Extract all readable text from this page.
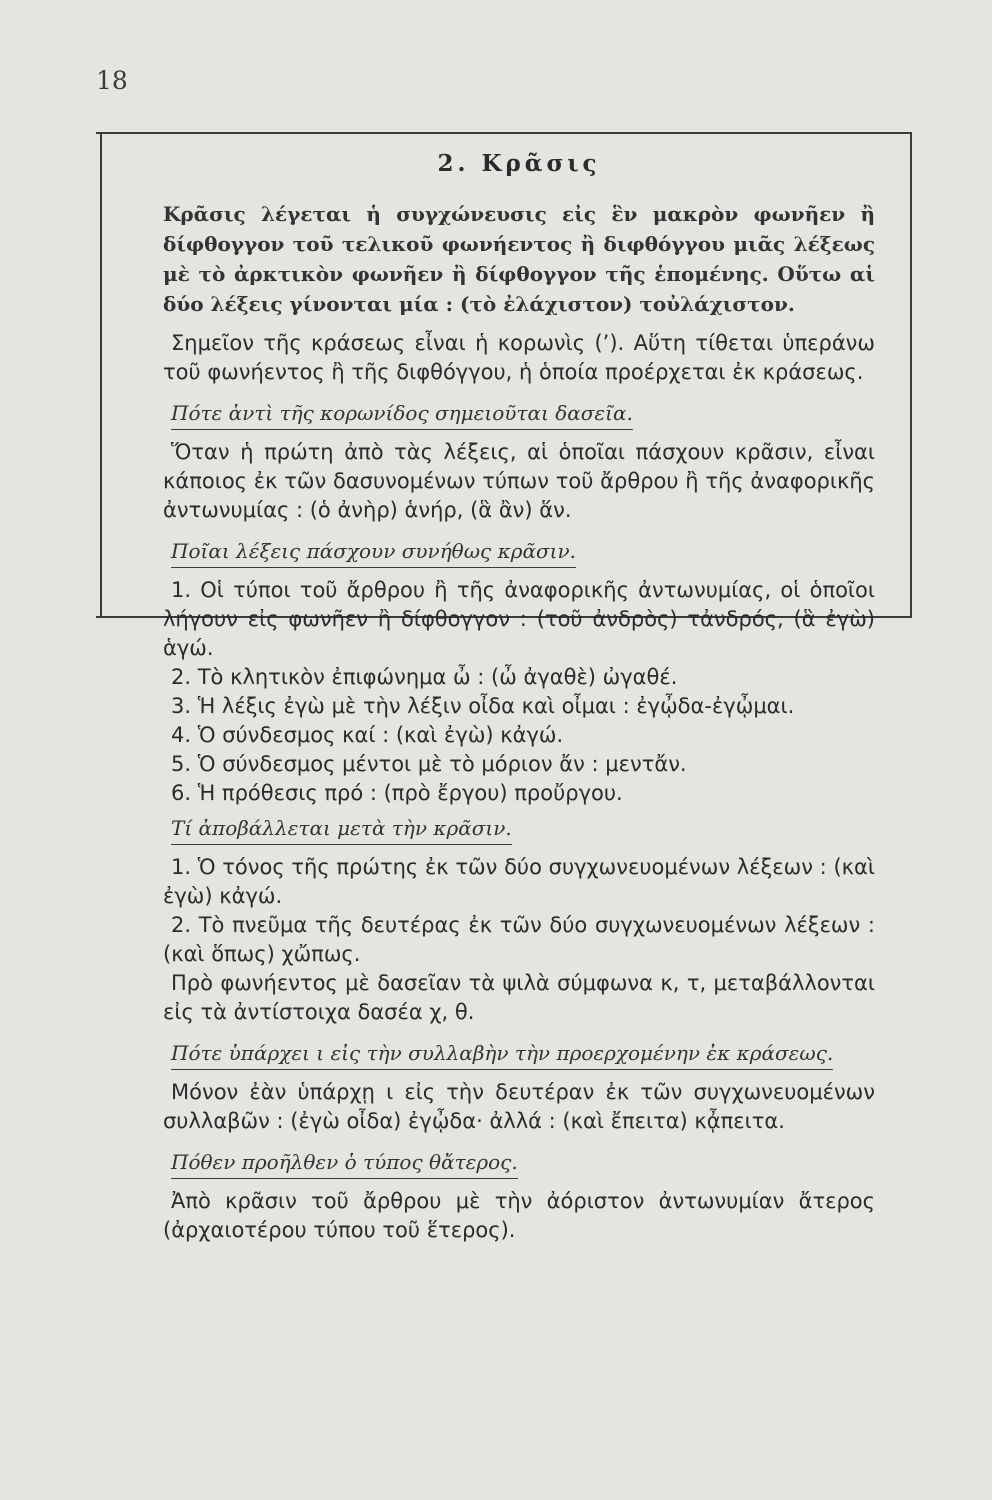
18
2. Κρᾶσις

Κρᾶσις λέγεται ἡ συγχώνευσις εἰς ἓν μακρὸν φωνῆεν ἢ δίφθογγον τοῦ τελικοῦ φωνήεντος ἢ διφθόγγου μιᾶς λέξεως μὲ τὸ ἀρκτικὸν φωνῆεν ἢ δίφθογγον τῆς ἑπομένης. Οὕτω αἱ δύο λέξεις γίνονται μία : (τὸ ἐλάχιστον) τοὐλάχιστον.

Σημεῖον τῆς κράσεως εἶναι ἡ κορωνὶς (’). Αὕτη τίθεται ὑπεράνω τοῦ φωνήεντος ἢ τῆς διφθόγγου, ἡ ὁποία προέρχεται ἐκ κράσεως.

Πότε ἀντὶ τῆς κορωνίδος σημειοῦται δασεῖα.

Ὅταν ἡ πρώτη ἀπὸ τὰς λέξεις, αἱ ὁποῖαι πάσχουν κρᾶσιν, εἶναι κάποιος ἐκ τῶν δασυνομένων τύπων τοῦ ἄρθρου ἢ τῆς ἀναφορικῆς ἀντωνυμίας : (ὁ ἀνὴρ) ἁνήρ, (ἃ ἂν) ἅν.

Ποῖαι λέξεις πάσχουν συνήθως κρᾶσιν.

1. Οἱ τύποι τοῦ ἄρθρου ἢ τῆς ἀναφορικῆς ἀντωνυμίας, οἱ ὁποῖοι λήγουν εἰς φωνῆεν ἢ δίφθογγον : (τοῦ ἀνδρὸς) τἀνδρός, (ἃ ἐγὼ) ἁγώ.

2. Τὸ κλητικὸν ἐπιφώνημα ὦ : (ὦ ἀγαθὲ) ὠγαθέ.

3. Ἡ λέξις ἐγὼ μὲ τὴν λέξιν οἶδα καὶ οἶμαι : ἐγᾦδα-ἐγᾦμαι.

4. Ὁ σύνδεσμος καί : (καὶ ἐγὼ) κἀγώ.

5. Ὁ σύνδεσμος μέντοι μὲ τὸ μόριον ἄν : μεντἄν.

6. Ἡ πρόθεσις πρό : (πρὸ ἔργου) προὔργου.

Τί ἀποβάλλεται μετὰ τὴν κρᾶσιν.

1. Ὁ τόνος τῆς πρώτης ἐκ τῶν δύο συγχωνευομένων λέξεων : (καὶ ἐγὼ) κἀγώ.

2. Τὸ πνεῦμα τῆς δευτέρας ἐκ τῶν δύο συγχωνευομένων λέξεων : (καὶ ὅπως) χὤπως.

Πρὸ φωνήεντος μὲ δασεῖαν τὰ ψιλὰ σύμφωνα κ, τ, μεταβάλλονται εἰς τὰ ἀντίστοιχα δασέα χ, θ.

Πότε ὑπάρχει ι εἰς τὴν συλλαβὴν τὴν προερχομένην ἐκ κράσεως.

Μόνον ἐὰν ὑπάρχῃ ι εἰς τὴν δευτέραν ἐκ τῶν συγχωνευομένων συλλαβῶν : (ἐγὼ οἶδα) ἐγᾦδα· ἀλλά : (καὶ ἔπειτα) κᾆπειτα.

Πόθεν προῆλθεν ὁ τύπος θἄτερος.

Ἀπὸ κρᾶσιν τοῦ ἄρθρου μὲ τὴν ἀόριστον ἀντωνυμίαν ἄτερος (ἀρχαιοτέρου τύπου τοῦ ἕτερος).
